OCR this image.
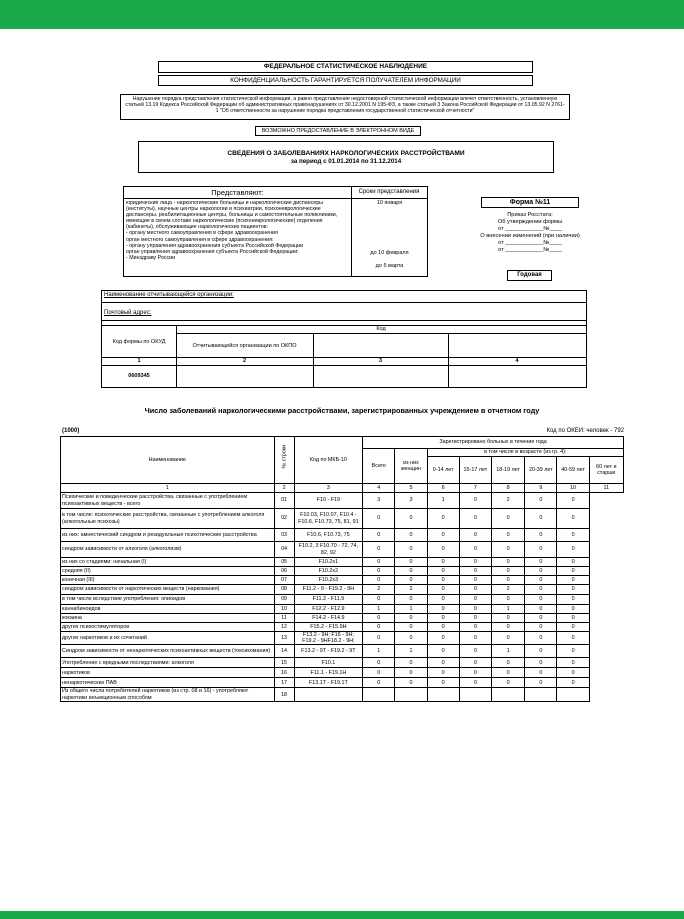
ФЕДЕРАЛЬНОЕ СТАТИСТИЧЕСКОЕ НАБЛЮДЕНИЕ
КОНФИДЕНЦИАЛЬНОСТЬ ГАРАНТИРУЕТСЯ ПОЛУЧАТЕЛЕМ ИНФОРМАЦИИ
Нарушение порядка представления статистической информации, а равно представление недостоверной статистической информации влечет ответственность, установленную статьей 13.19 Кодекса Российской Федерации об административных правонарушениях от 30.12.2001 N 195-ФЗ, а также статьей 3 Закона Российской Федерации от 13.05.92 N 2761-1 "Об ответственности за нарушение порядка представления государственной статистической отчетности"
ВОЗМОЖНО ПРЕДОСТАВЛЕНИЕ В ЭЛЕКТРОННОМ ВИДЕ
СВЕДЕНИЯ О ЗАБОЛЕВАНИЯХ НАРКОЛОГИЧЕСКИХ РАССТРОЙСТВАМИ
за период с 01.01.2014 по 31.12.2014
Представляют:	Сроки представления
юридические лица - наркологические больницы и наркологические диспансеры (институты), научные центры наркологии и психиатрии, психоневрологические диспансеры, реабилитационные центры, больницы и самостоятельные поликлиники, имеющие в своем составе наркологические (психоневрологические) отделения (кабинеты), обслуживающие наркологических пациентов:
- органу местного самоуправления в сфере здравоохранения
орган местного самоуправления в сфере здравоохранения:
- органу управления здравоохранения субъекта Российской Федерации
орган управления здравоохранения субъекта Российской Федерации:
- Минздраву России
10 января
до 10 февраля
до 5 марта
Форма №11
Приказ Росстата:
Об утверждении формы
от ____________№____
О внесении изменений (при наличии)
от ____________№____
от ____________№____
Годовая
Наименование отчитывающейся организации:
Почтовый адрес:
Код
Код формы по ОКУД
Отчитывающейся организации по ОКПО
1	2	3	4
0609345
Число заболеваний наркологическими расстройствами, зарегистрированных учреждением в отчетном году
(1000)	Код по ОКЕИ: человек - 792
Наименование	№ строки	Код по МКБ-10	Зарегистрировано больных в течение года							
			Всего	из них женщин	в том числе в возрасте (из гр. 4):					
					0-14 лет	15-17 лет	18-19 лет	20-39 лет	40-59 лет	60 лет и старше
1	2	3	4	5	6	7	8	9	10	11
Психические и поведенческие расстройства, связанные с употреблением психоактивных веществ - всего	01	F10 - F19	3	3	1	0	2	0	0	
в том числе: психотические расстройства, связанные с употреблением алкоголя (алкогольные психозы)	02	F10.03, F10.07, F10.4 - F10.6, F10.73, 75, 81, 91	0	0	0	0	0	0	0	
из них: амнестический синдром и резидуальные психотические расстройства	03	F10.6, F10.73, 75	0	0	0	0	0	0	0	
синдром зависимости от алкоголя (алкоголизм)	04	F10.2, 3 F10.70 - 72, 74, 82, 92	0	0	0	0	0	0	0	
из них со стадиями: начальная (I)	05	F10.2x1	0	0	0	0	0	0	0	
средняя (II)	06	F10.2x2	0	0	0	0	0	0	0	
конечная (III)	07	F10.2x3	0	0	0	0	0	0	0	
синдром зависимости от наркотических веществ (наркомания)	08	F11.2 - 9 - F19.2 - 9H	2	2	0	0	2	0	0	
в том числе вследствие употребления: опиоидов	09	F11.2 - F11.9	0	0	0	0	0	0	0	
каннабиноидов	10	F12.2 - F12.9	1	1	0	0	1	0	0	
кокаина	11	F14.2 - F14.9	0	0	0	0	0	0	0	
других психостимуляторов	12	F15.2 - F15.9H	0	0	0	0	0	0	0	
других наркотиков и их сочетаний	13	F13.2 - 9H; F16 - 9H; F19.2 - 9HF18.2 - 9H;	0	0	0	0	0	0	0	
Синдром зависимости от ненаркотических психоактивных веществ (токсикомания)	14	F13.2 - 9T - F19.2 - 9T	1	1	0	0	1	0	0	
Употребление с вредными последствиями: алкоголя	15	F10.1	0	0	0	0	0	0	0	
наркотиков	16	F11.1 - F19.1H	0	0	0	0	0	0	0	
ненаркотических ПАВ	17	F13.1T - F19.1T	0	0	0	0	0	0	0	
Из общего числа потребителей наркотиков (из стр. 08 и 16) - употребляют наркотики инъекционным способом	18									
